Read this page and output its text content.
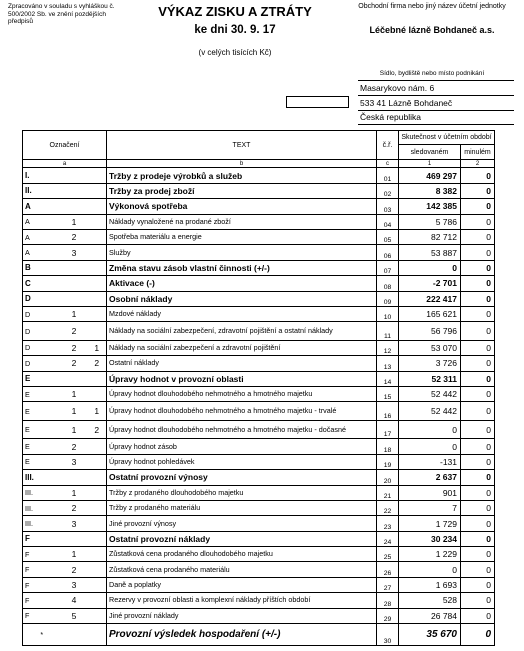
Zpracováno v souladu s vyhláškou č. 500/2002 Sb. ve znění pozdějších předpisů
VÝKAZ ZISKU A ZTRÁTY
ke dni 30. 9. 17
(v celých tisících Kč)
Obchodní firma nebo jiný název účetní jednotky
Léčebné lázně Bohdaneč a.s.
Sídlo, bydliště nebo místo podnikání
Masarykovo nám. 6
533 41 Lázně Bohdaneč
Česká republika
Označení			TEXT	č.ř.	Skutečnost v účetním období	
					sledovaném	minulém
a			b	c	1	2
I.			Tržby z prodeje výrobků a služeb	01	469 297	0
II.			Tržby za prodej zboží	02	8 382	0
A			Výkonová spotřeba	03	142 385	0
A	1		Náklady vynaložené na prodané zboží	04	5 786	0
A	2		Spotřeba materiálu a energie	05	82 712	0
A	3		Služby	06	53 887	0
B			Změna stavu zásob vlastní činnosti (+/-)	07	0	0
C			Aktivace (-)	08	-2 701	0
D			Osobní náklady	09	222 417	0
D	1		Mzdové náklady	10	165 621	0
D	2		Náklady na sociální zabezpečení, zdravotní pojištění a ostatní náklady	11	56 796	0
D	2	1	Náklady na sociální zabezpečení a zdravotní pojištění	12	53 070	0
D	2	2	Ostatní náklady	13	3 726	0
E			Úpravy hodnot v provozní oblasti	14	52 311	0
E	1		Úpravy hodnot dlouhodobého nehmotného a hmotného majetku	15	52 442	0
E	1	1	Úpravy hodnot dlouhodobého nehmotného a hmotného majetku - trvalé	16	52 442	0
E	1	2	Úpravy hodnot dlouhodobého nehmotného a hmotného majetku - dočasné	17	0	0
E	2		Úpravy hodnot zásob	18	0	0
E	3		Úpravy hodnot pohledávek	19	-131	0
III.			Ostatní provozní výnosy	20	2 637	0
III.	1		Tržby z prodaného dlouhodobého majetku	21	901	0
III.	2		Tržby z prodaného materiálu	22	7	0
III.	3		Jiné provozní výnosy	23	1 729	0
F			Ostatní provozní náklady	24	30 234	0
F	1		Zůstatková cena prodaného dlouhodobého majetku	25	1 229	0
F	2		Zůstatková cena prodaného materiálu	26	0	0
F	3		Daně a poplatky	27	1 693	0
F	4		Rezervy v provozní oblasti a komplexní náklady příštích období	28	528	0
F	5		Jiné provozní náklady	29	26 784	0
*			Provozní výsledek hospodaření (+/-)	30	35 670	0
